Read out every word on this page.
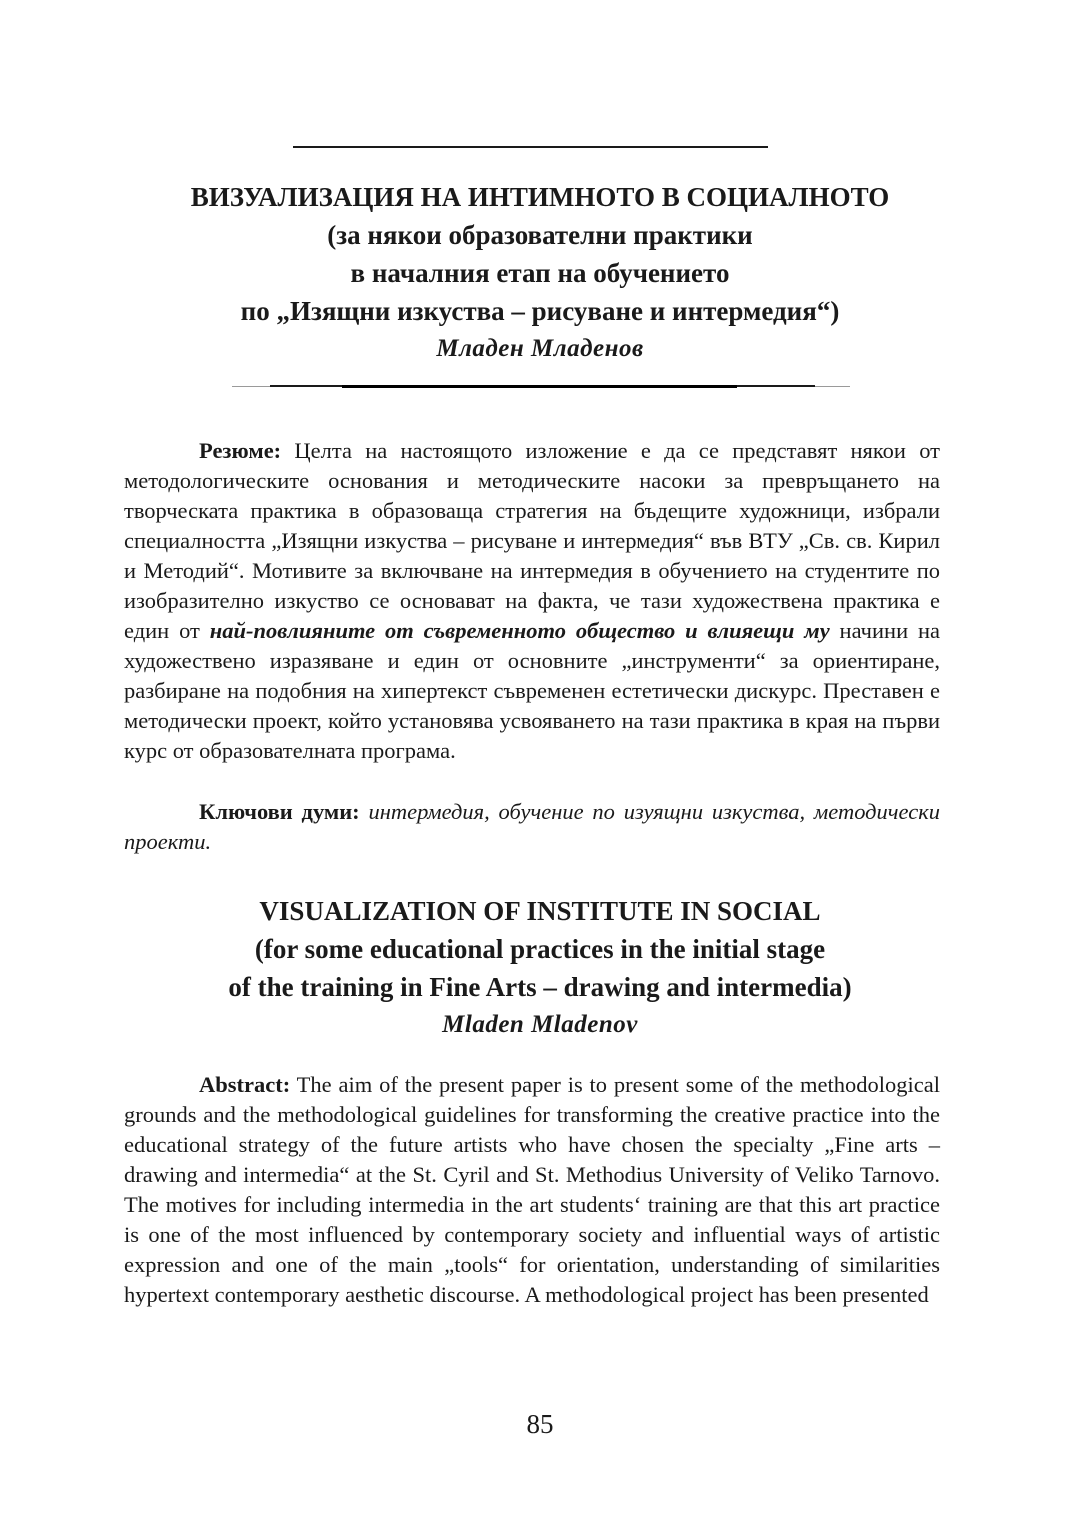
ВИЗУАЛИЗАЦИЯ НА ИНТИМНОТО В СОЦИАЛНОТО
(за някои образователни практики
в началния етап на обучението
по „Изящни изкуства – рисуване и интермедия“)
Младен Младенов

Резюме: Целта на настоящото изложение е да се представят някои от методологическите основания и методическите насоки за превръщането на творческата практика в образоваща стратегия на бъдещите художници, избрали специалността „Изящни изкуства – рисуване и интермедия“ във ВТУ „Св. св. Кирил и Методий“. Мотивите за включване на интермедия в обучението на студентите по изобразително изкуство се основават на факта, че тази художествена практика е един от най-повлияните от съвременното общество и влияещи му начини на художествено изразяване и един от основните „инструменти“ за ориентиране, разбиране на подобния на хипертекст съвременен естетически дискурс. Преставен е методически проект, който установява усвояването на тази практика в края на първи курс от образователната програма.

Ключови думи: интермедия, обучение по изуящни изкуства, методически проекти.

VISUALIZATION OF INSTITUTE IN SOCIAL
(for some educational practices in the initial stage
of the training in Fine Arts – drawing and intermedia)
Mladen Mladenov

Abstract: The aim of the present paper is to present some of the methodological grounds and the methodological guidelines for transforming the creative practice into the educational strategy of the future artists who have chosen the specialty „Fine arts – drawing and intermedia“ at the St. Cyril and St. Methodius University of Veliko Tarnovo. The motives for including intermedia in the art students‘ training are that this art practice is one of the most influenced by contemporary society and influential ways of artistic expression and one of the main „tools“ for orientation, understanding of similarities hypertext contemporary aesthetic discourse. A methodological project has been presented

85
